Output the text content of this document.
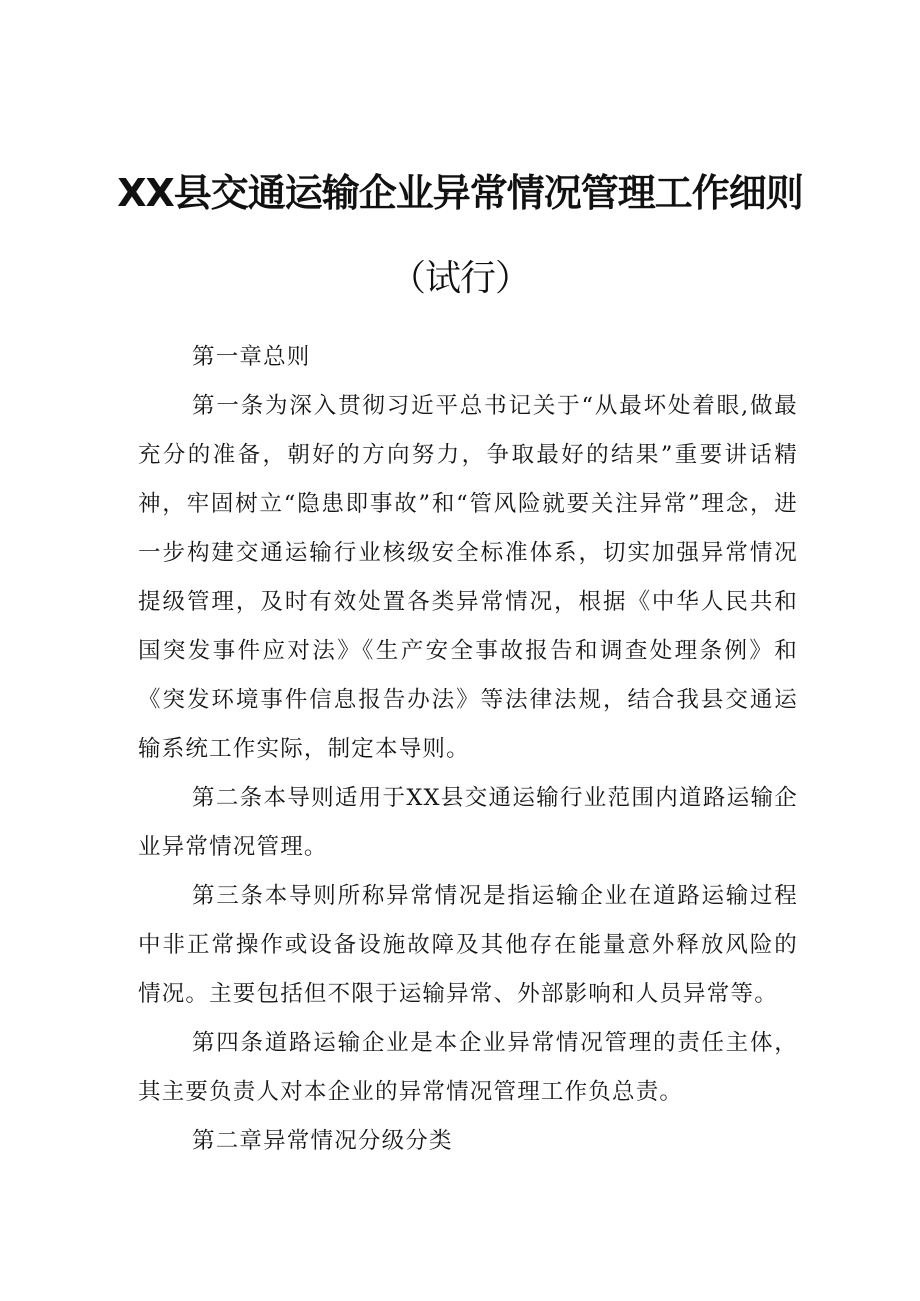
XX县交通运输企业异常情况管理工作细则
（试行）

第一章总则

第一条为深入贯彻习近平总书记关于“从最坏处着眼,做最充分的准备，朝好的方向努力，争取最好的结果”重要讲话精神，牢固树立“隐患即事故”和“管风险就要关注异常”理念，进一步构建交通运输行业核级安全标准体系，切实加强异常情况提级管理，及时有效处置各类异常情况，根据《中华人民共和国突发事件应对法》《生产安全事故报告和调查处理条例》和《突发环境事件信息报告办法》等法律法规，结合我县交通运输系统工作实际，制定本导则。

第二条本导则适用于XX县交通运输行业范围内道路运输企业异常情况管理。

第三条本导则所称异常情况是指运输企业在道路运输过程中非正常操作或设备设施故障及其他存在能量意外释放风险的情况。主要包括但不限于运输异常、外部影响和人员异常等。

第四条道路运输企业是本企业异常情况管理的责任主体，其主要负责人对本企业的异常情况管理工作负总责。

第二章异常情况分级分类
